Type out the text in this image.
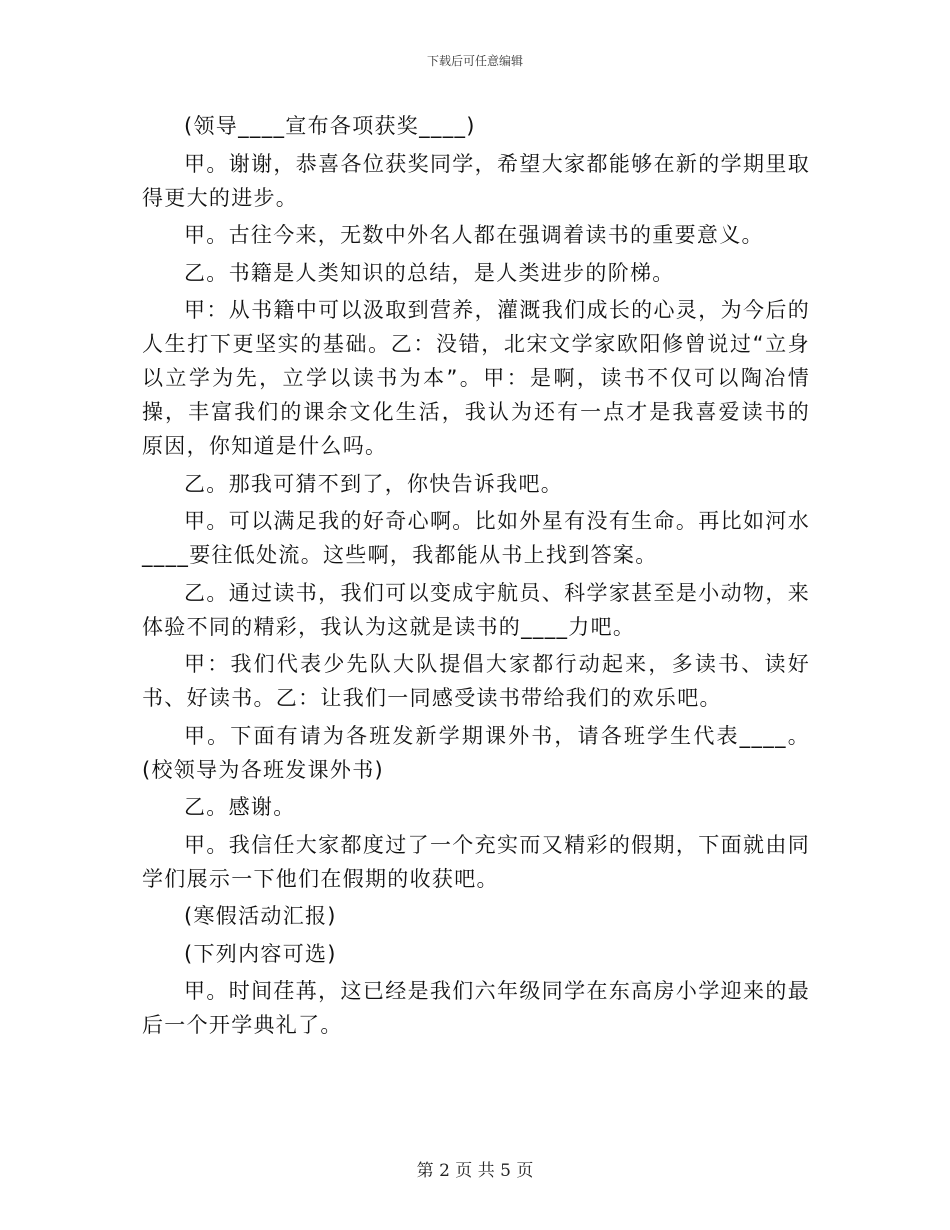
下载后可任意编辑

(领导____宣布各项获奖____)

甲。谢谢，恭喜各位获奖同学，希望大家都能够在新的学期里取得更大的进步。

甲。古往今来，无数中外名人都在强调着读书的重要意义。

乙。书籍是人类知识的总结，是人类进步的阶梯。

甲：从书籍中可以汲取到营养，灌溉我们成长的心灵，为今后的人生打下更坚实的基础。乙：没错，北宋文学家欧阳修曾说过“立身以立学为先，立学以读书为本”。甲：是啊，读书不仅可以陶冶情操，丰富我们的课余文化生活，我认为还有一点才是我喜爱读书的原因，你知道是什么吗。

乙。那我可猜不到了，你快告诉我吧。

甲。可以满足我的好奇心啊。比如外星有没有生命。再比如河水____要往低处流。这些啊，我都能从书上找到答案。

乙。通过读书，我们可以变成宇航员、科学家甚至是小动物，来体验不同的精彩，我认为这就是读书的____力吧。

甲：我们代表少先队大队提倡大家都行动起来，多读书、读好书、好读书。乙：让我们一同感受读书带给我们的欢乐吧。

甲。下面有请为各班发新学期课外书，请各班学生代表____。(校领导为各班发课外书)

乙。感谢。

甲。我信任大家都度过了一个充实而又精彩的假期，下面就由同学们展示一下他们在假期的收获吧。

(寒假活动汇报)

(下列内容可选)

甲。时间荏苒，这已经是我们六年级同学在东高房小学迎来的最后一个开学典礼了。

第 2 页 共 5 页
